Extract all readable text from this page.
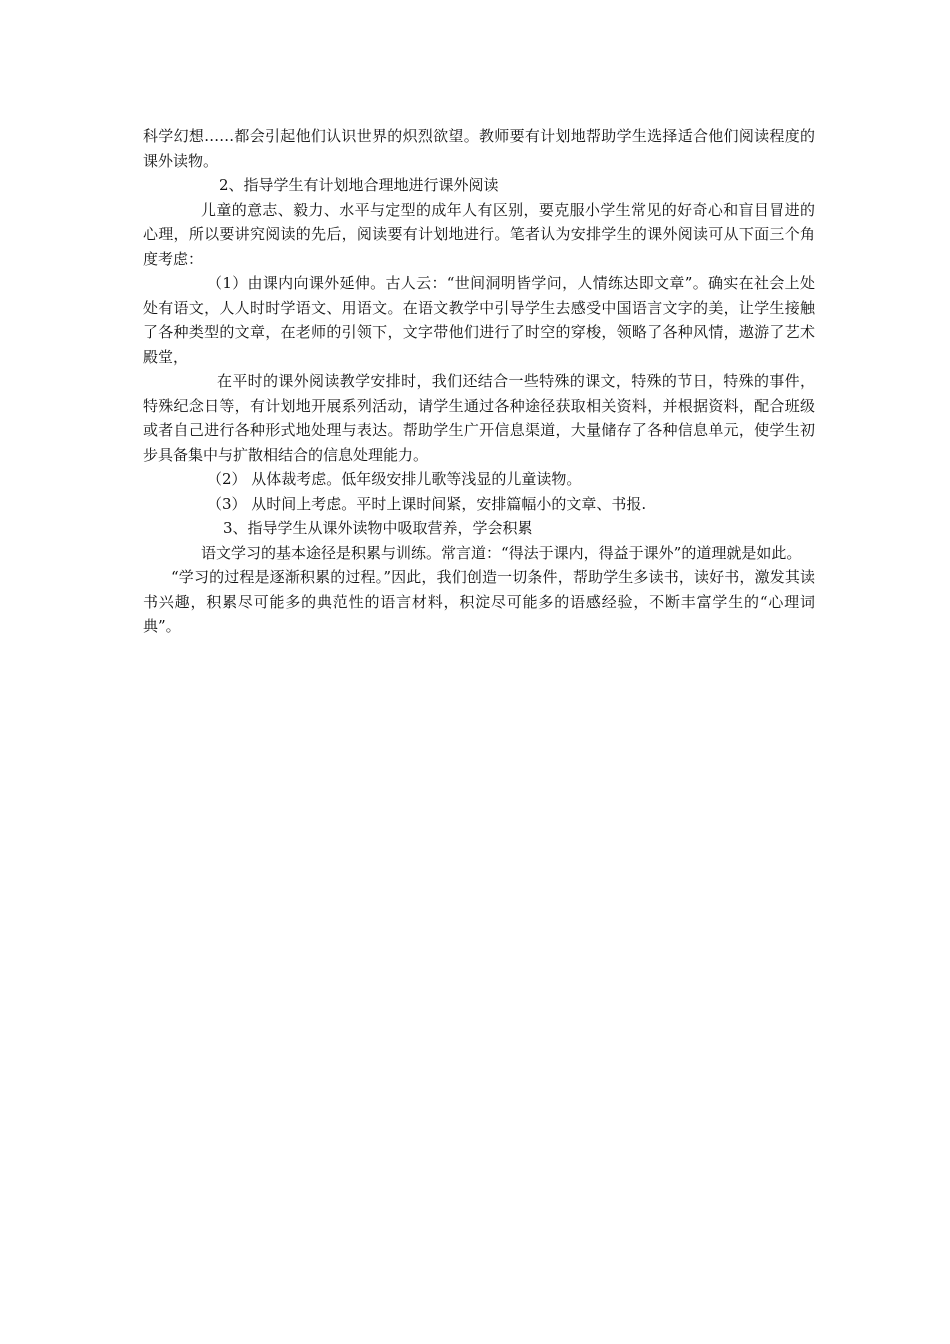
科学幻想……都会引起他们认识世界的炽烈欲望。教师要有计划地帮助学生选择适合他们阅读程度的课外读物。

2、指导学生有计划地合理地进行课外阅读

儿童的意志、毅力、水平与定型的成年人有区别，要克服小学生常见的好奇心和盲目冒进的心理，所以要讲究阅读的先后，阅读要有计划地进行。笔者认为安排学生的课外阅读可从下面三个角度考虑：

（1）由课内向课外延伸。古人云：“世间洞明皆学问，人情练达即文章”。确实在社会上处处有语文，人人时时学语文、用语文。在语文教学中引导学生去感受中国语言文字的美，让学生接触了各种类型的文章，在老师的引领下，文字带他们进行了时空的穿梭，领略了各种风情，遨游了艺术殿堂，

在平时的课外阅读教学安排时，我们还结合一些特殊的课文，特殊的节日，特殊的事件，特殊纪念日等，有计划地开展系列活动，请学生通过各种途径获取相关资料，并根据资料，配合班级或者自己进行各种形式地处理与表达。帮助学生广开信息渠道，大量储存了各种信息单元，使学生初步具备集中与扩散相结合的信息处理能力。

（2） 从体裁考虑。低年级安排儿歌等浅显的儿童读物。

（3） 从时间上考虑。平时上课时间紧，安排篇幅小的文章、书报.

3、指导学生从课外读物中吸取营养，学会积累

语文学习的基本途径是积累与训练。常言道：“得法于课内，得益于课外”的道理就是如此。

“学习的过程是逐渐积累的过程。”因此，我们创造一切条件，帮助学生多读书，读好书，激发其读书兴趣，积累尽可能多的典范性的语言材料，积淀尽可能多的语感经验，不断丰富学生的“心理词典”。
